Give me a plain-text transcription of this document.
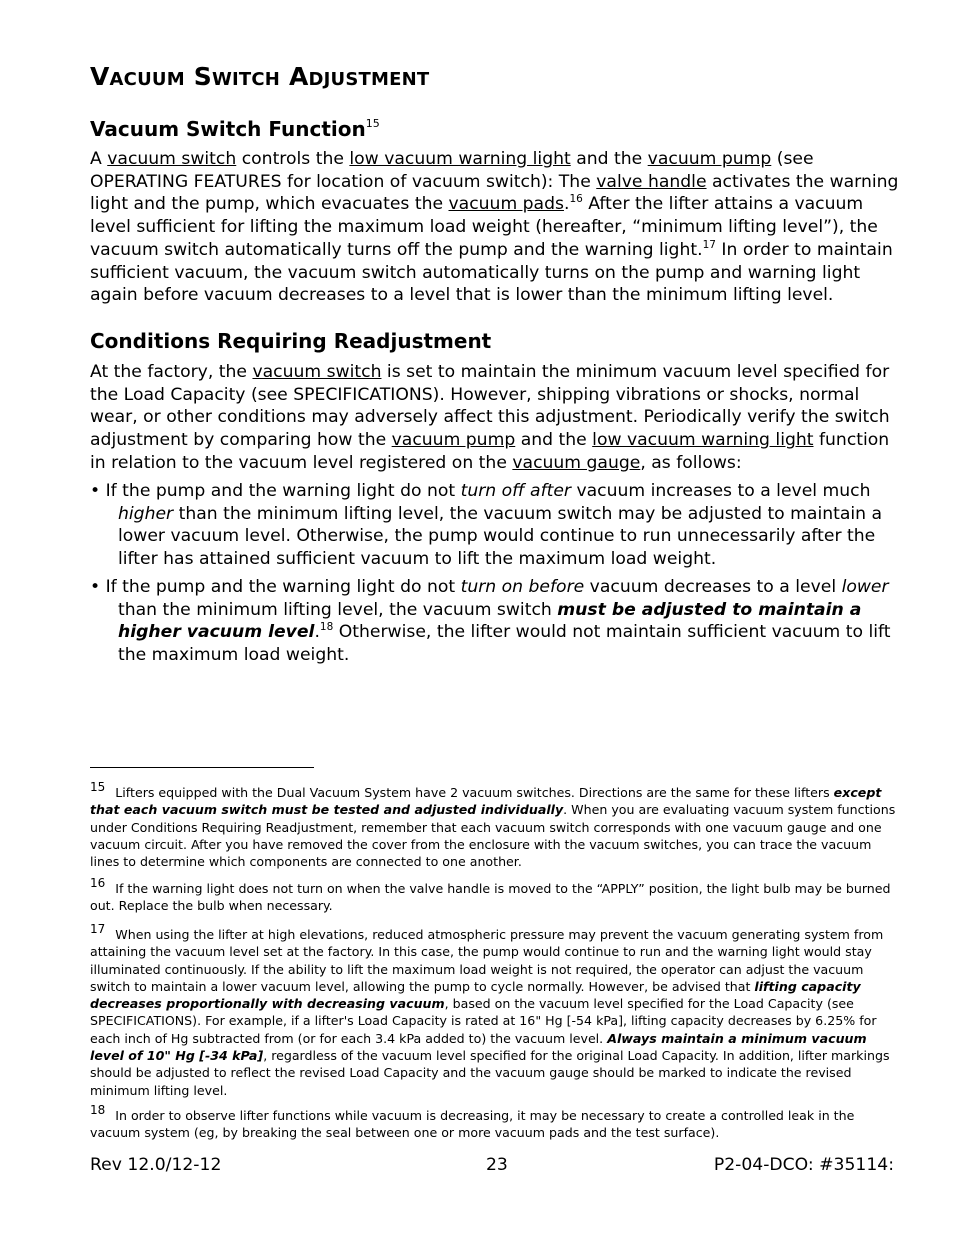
Vacuum Switch Adjustment
Vacuum Switch Function$^{15}$

A vacuum switch controls the low vacuum warning light and the vacuum pump (see OPERATING FEATURES for location of vacuum switch): The valve handle activates the warning light and the pump, which evacuates the vacuum pads.$^{16}$ After the lifter attains a vacuum level sufficient for lifting the maximum load weight (hereafter, “minimum lifting level”), the vacuum switch automatically turns off the pump and the warning light.$^{17}$ In order to maintain sufficient vacuum, the vacuum switch automatically turns on the pump and warning light again before vacuum decreases to a level that is lower than the minimum lifting level.

Conditions Requiring Readjustment

At the factory, the vacuum switch is set to maintain the minimum vacuum level specified for the Load Capacity (see SPECIFICATIONS). However, shipping vibrations or shocks, normal wear, or other conditions may adversely affect this adjustment. Periodically verify the switch adjustment by comparing how the vacuum pump and the low vacuum warning light function in relation to the vacuum level registered on the vacuum gauge, as follows:

• If the pump and the warning light do not turn off after vacuum increases to a level much higher than the minimum lifting level, the vacuum switch may be adjusted to maintain a lower vacuum level. Otherwise, the pump would continue to run unnecessarily after the lifter has attained sufficient vacuum to lift the maximum load weight.

• If the pump and the warning light do not turn on before vacuum decreases to a level lower than the minimum lifting level, the vacuum switch must be adjusted to maintain a higher vacuum level.$^{18}$ Otherwise, the lifter would not maintain sufficient vacuum to lift the maximum load weight.

15 Lifters equipped with the Dual Vacuum System have 2 vacuum switches. Directions are the same for these lifters except that each vacuum switch must be tested and adjusted individually. When you are evaluating vacuum system functions under Conditions Requiring Readjustment, remember that each vacuum switch corresponds with one vacuum gauge and one vacuum circuit. After you have removed the cover from the enclosure with the vacuum switches, you can trace the vacuum lines to determine which components are connected to one another.

16 If the warning light does not turn on when the valve handle is moved to the “APPLY” position, the light bulb may be burned out. Replace the bulb when necessary.

17 When using the lifter at high elevations, reduced atmospheric pressure may prevent the vacuum generating system from attaining the vacuum level set at the factory. In this case, the pump would continue to run and the warning light would stay illuminated continuously. If the ability to lift the maximum load weight is not required, the operator can adjust the vacuum switch to maintain a lower vacuum level, allowing the pump to cycle normally. However, be advised that lifting capacity decreases proportionally with decreasing vacuum, based on the vacuum level specified for the Load Capacity (see SPECIFICATIONS). For example, if a lifter's Load Capacity is rated at 16" Hg [-54 kPa], lifting capacity decreases by 6.25% for each inch of Hg subtracted from (or for each 3.4 kPa added to) the vacuum level. Always maintain a minimum vacuum level of 10" Hg [-34 kPa], regardless of the vacuum level specified for the original Load Capacity. In addition, lifter markings should be adjusted to reflect the revised Load Capacity and the vacuum gauge should be marked to indicate the revised minimum lifting level.

18 In order to observe lifter functions while vacuum is decreasing, it may be necessary to create a controlled leak in the vacuum system (eg, by breaking the seal between one or more vacuum pads and the test surface).

Rev 12.0/12-12	23	P2-04-DCO: #35114:
